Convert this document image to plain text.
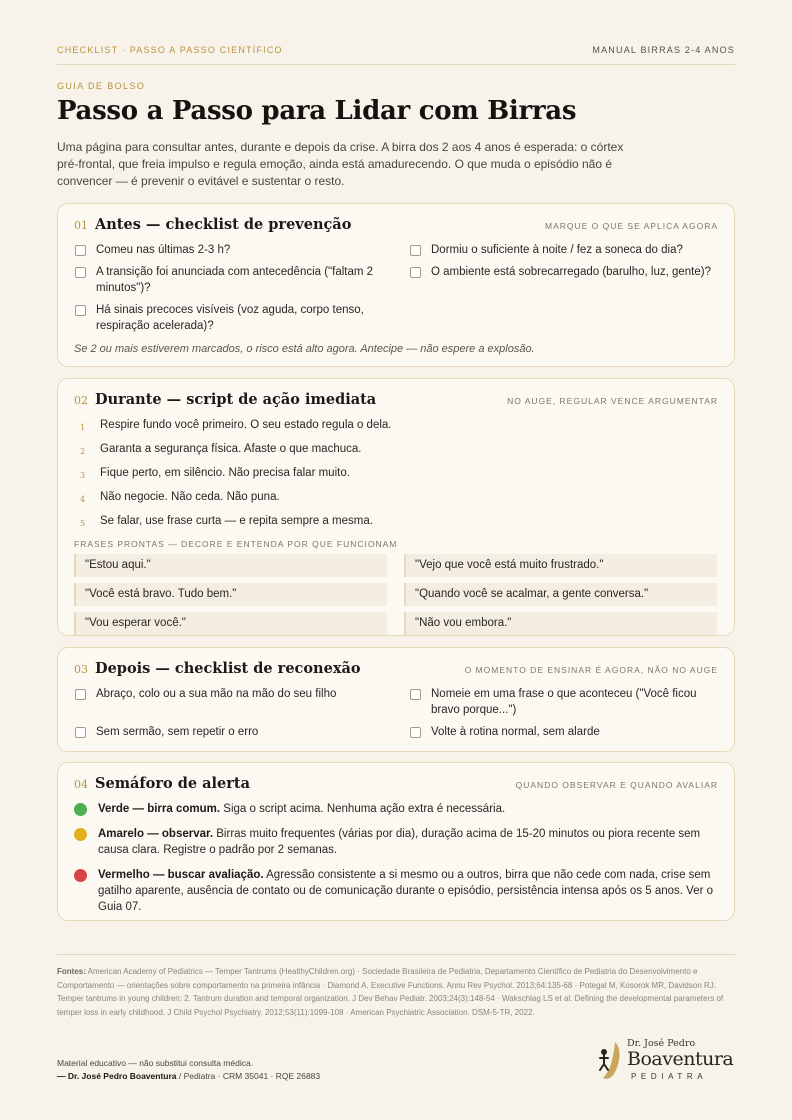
CHECKLIST · PASSO A PASSO CIENTÍFICO	MANUAL BIRRAS 2-4 ANOS
GUIA DE BOLSO
Passo a Passo para Lidar com Birras

Uma página para consultar antes, durante e depois da crise. A birra dos 2 aos 4 anos é esperada: o córtex pré-frontal, que freia impulso e regula emoção, ainda está amadurecendo. O que muda o episódio não é convencer — é prevenir o evitável e sustentar o resto.

01 Antes — checklist de prevenção	MARQUE O QUE SE APLICA AGORA
Comeu nas últimas 2-3 h?
A transição foi anunciada com antecedência ("faltam 2 minutos")?
Há sinais precoces visíveis (voz aguda, corpo tenso, respiração acelerada)?
Dormiu o suficiente à noite / fez a soneca do dia?
O ambiente está sobrecarregado (barulho, luz, gente)?
Se 2 ou mais estiverem marcados, o risco está alto agora. Antecipe — não espere a explosão.
02 Durante — script de ação imediata	NO AUGE, REGULAR VENCE ARGUMENTAR
1	Respire fundo você primeiro. O seu estado regula o dela.
2	Garanta a segurança física. Afaste o que machuca.
3	Fique perto, em silêncio. Não precisa falar muito.
4	Não negocie. Não ceda. Não puna.
5	Se falar, use frase curta — e repita sempre a mesma.
FRASES PRONTAS — DECORE E ENTENDA POR QUE FUNCIONAM
"Estou aqui."	"Vejo que você está muito frustrado."
"Você está bravo. Tudo bem."	"Quando você se acalmar, a gente conversa."
"Vou esperar você."	"Não vou embora."
03 Depois — checklist de reconexão	O MOMENTO DE ENSINAR É AGORA, NÃO NO AUGE
Abraço, colo ou a sua mão na mão do seu filho
Sem sermão, sem repetir o erro
Nomeie em uma frase o que aconteceu ("Você ficou bravo porque...")
Volte à rotina normal, sem alarde
04 Semáforo de alerta	QUANDO OBSERVAR E QUANDO AVALIAR
Verde — birra comum. Siga o script acima. Nenhuma ação extra é necessária.
Amarelo — observar. Birras muito frequentes (várias por dia), duração acima de 15-20 minutos ou piora recente sem causa clara. Registre o padrão por 2 semanas.
Vermelho — buscar avaliação. Agressão consistente a si mesmo ou a outros, birra que não cede com nada, crise sem gatilho aparente, ausência de contato ou de comunicação durante o episódio, persistência intensa após os 5 anos. Ver o Guia 07.

Fontes: American Academy of Pediatrics — Temper Tantrums (HealthyChildren.org) · Sociedade Brasileira de Pediatria, Departamento Científico de Pediatria do Desenvolvimento e Comportamento — orientações sobre comportamento na primeira infância · Diamond A. Executive Functions. Annu Rev Psychol. 2013;64:135-68 · Potegal M, Kosorok MR, Davidson RJ. Temper tantrums in young children: 2. Tantrum duration and temporal organization. J Dev Behav Pediatr. 2003;24(3):148-54 · Wakschlag LS et al. Defining the developmental parameters of temper loss in early childhood. J Child Psychol Psychiatry. 2012;53(11):1099-108 · American Psychiatric Association. DSM-5-TR, 2022.

Material educativo — não substitui consulta médica.
— Dr. José Pedro Boaventura / Pediatra · CRM 35041 · RQE 26883
Dr. José Pedro
Boaventura
PEDIATRA
